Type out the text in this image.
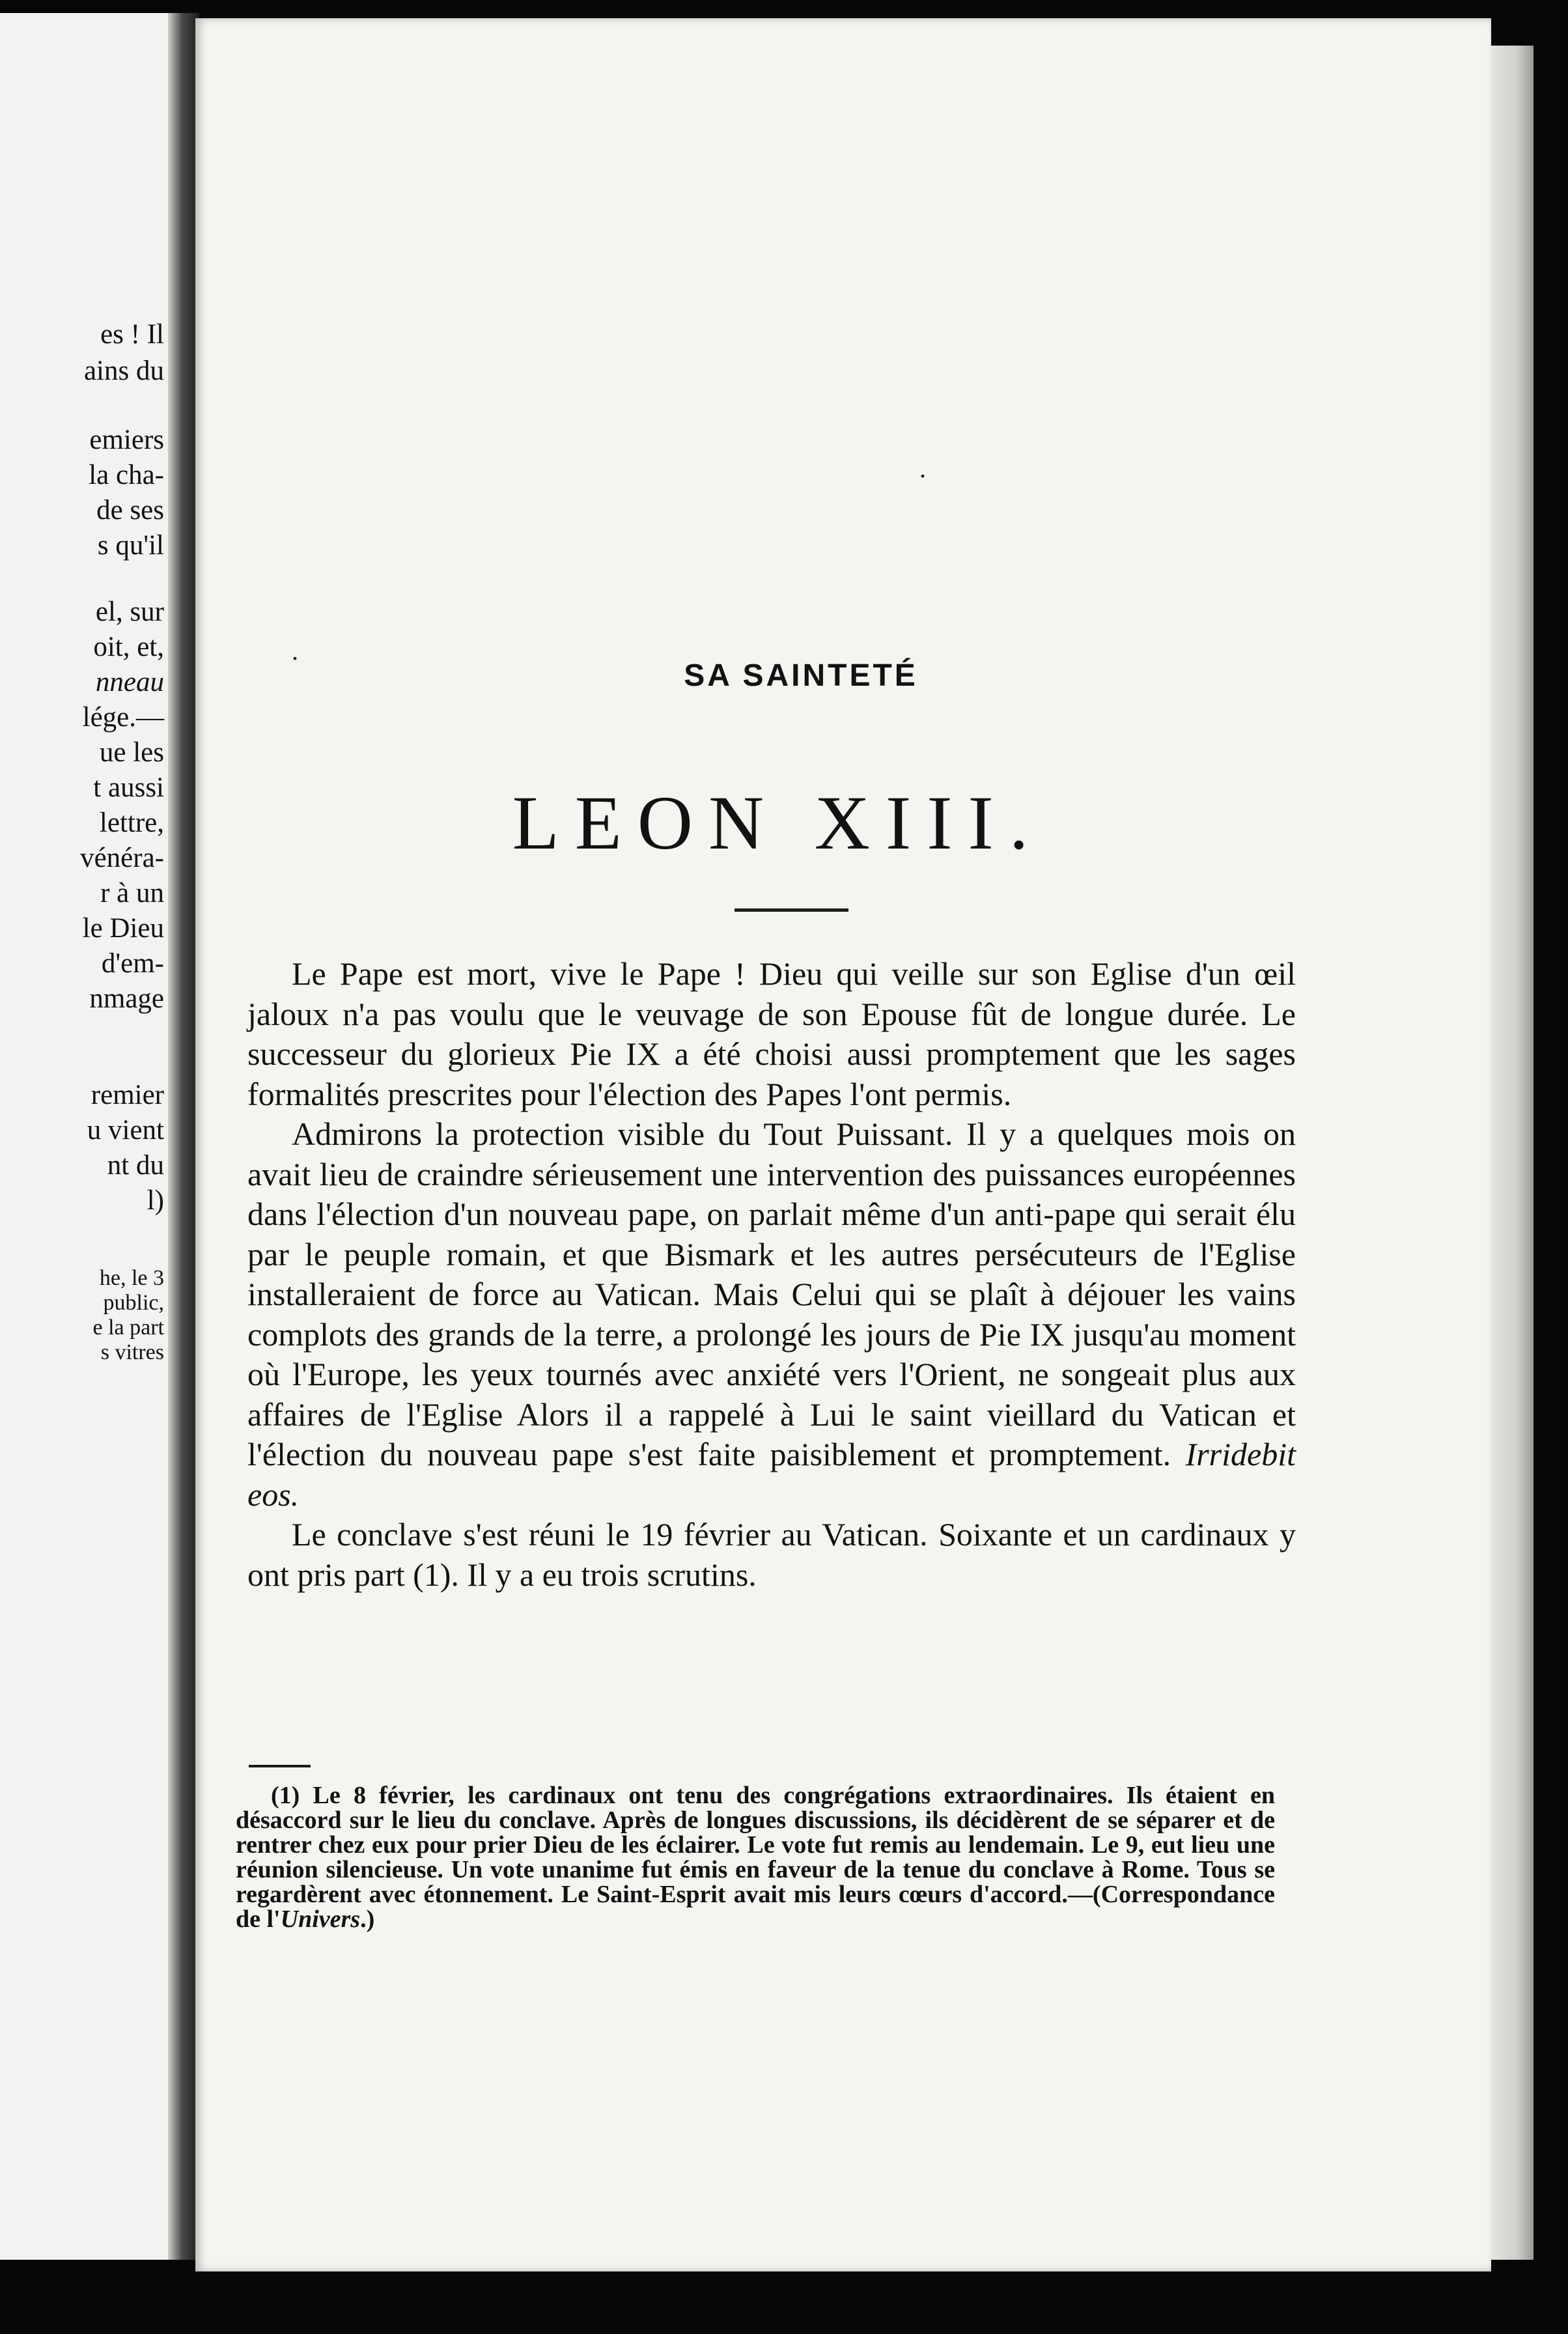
es ! Il
ains du
emiers
la cha-
de ses
s qu'il
el, sur
oit, et,
nneau
lége.—
ue les
t aussi
lettre,
vénéra-
r à un
le Dieu
d'em-
nmage
remier
u vient
nt du
l)
he, le 3
public,
e la part
s vitres
.
.
SA SAINTETÉ
LEON XIII.

Le Pape est mort, vive le Pape ! Dieu qui veille sur son Eglise d'un œil jaloux n'a pas voulu que le veuvage de son Epouse fût de longue durée. Le successeur du glorieux Pie IX a été choisi aussi promptement que les sages formalités prescrites pour l'élection des Papes l'ont permis.

Admirons la protection visible du Tout Puissant. Il y a quelques mois on avait lieu de craindre sérieusement une intervention des puissances européennes dans l'élection d'un nouveau pape, on parlait même d'un anti-pape qui serait élu par le peuple romain, et que Bismark et les autres persécuteurs de l'Eglise installeraient de force au Vatican. Mais Celui qui se plaît à déjouer les vains complots des grands de la terre, a prolongé les jours de Pie IX jusqu'au moment où l'Europe, les yeux tournés avec anxiété vers l'Orient, ne songeait plus aux affaires de l'Eglise Alors il a rappelé à Lui le saint vieillard du Vatican et l'élection du nouveau pape s'est faite paisiblement et promptement. Irridebit eos.

Le conclave s'est réuni le 19 février au Vatican. Soixante et un cardinaux y ont pris part (1). Il y a eu trois scrutins.

(1) Le 8 février, les cardinaux ont tenu des congrégations extraordinaires. Ils étaient en désaccord sur le lieu du conclave. Après de longues discussions, ils décidèrent de se séparer et de rentrer chez eux pour prier Dieu de les éclairer. Le vote fut remis au lendemain. Le 9, eut lieu une réunion silencieuse. Un vote unanime fut émis en faveur de la tenue du conclave à Rome. Tous se regardèrent avec étonnement. Le Saint-Esprit avait mis leurs cœurs d'accord.—(Correspondance de l'Univers.)
